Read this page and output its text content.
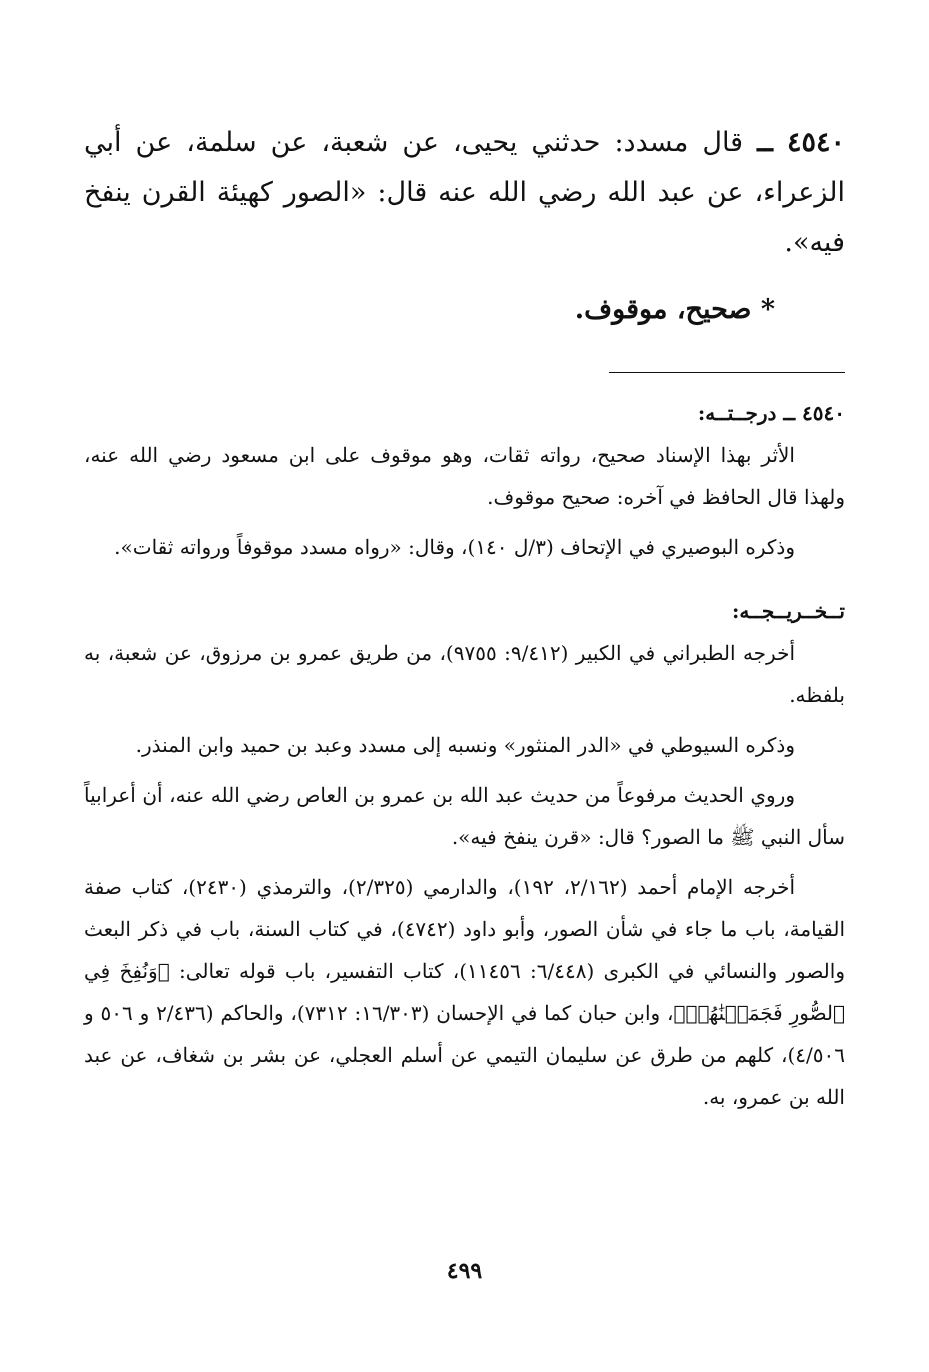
٤٥٤٠ ــ قال مسدد: حدثني يحيى، عن شعبة، عن سلمة، عن أبي الزعراء، عن عبد الله رضي الله عنه قال: «الصور كهيئة القرن ينفخ فيه».
* صحيح، موقوف.

٤٥٤٠ ــ درجــتــه:

الأثر بهذا الإسناد صحيح، رواته ثقات، وهو موقوف على ابن مسعود رضي الله عنه، ولهذا قال الحافظ في آخره: صحيح موقوف.

وذكره البوصيري في الإتحاف (٣/ل ١٤٠)، وقال: «رواه مسدد موقوفاً ورواته ثقات».

تــخــريــجــه:

أخرجه الطبراني في الكبير (٩/٤١٢: ٩٧٥٥)، من طريق عمرو بن مرزوق، عن شعبة، به بلفظه.

وذكره السيوطي في «الدر المنثور» ونسبه إلى مسدد وعبد بن حميد وابن المنذر.

وروي الحديث مرفوعاً من حديث عبد الله بن عمرو بن العاص رضي الله عنه، أن أعرابياً سأل النبي ﷺ ما الصور؟ قال: «قرن ينفخ فيه».

أخرجه الإمام أحمد (٢/١٦٢، ١٩٢)، والدارمي (٢/٣٢٥)، والترمذي (٢٤٣٠)، كتاب صفة القيامة، باب ما جاء في شأن الصور، وأبو داود (٤٧٤٢)، في كتاب السنة، باب في ذكر البعث والصور والنسائي في الكبرى (٦/٤٤٨: ١١٤٥٦)، كتاب التفسير، باب قوله تعالى: ﴿وَنُفِخَ فِي ٱلصُّورِ فَجَمَعۡنَٰهُمۡ﴾، وابن حبان كما في الإحسان (١٦/٣٠٣: ٧٣١٢)، والحاكم (٢/٤٣٦ و ٥٠٦ و ٤/٥٠٦)، كلهم من طرق عن سليمان التيمي عن أسلم العجلي، عن بشر بن شغاف، عن عبد الله بن عمرو، به.

٤٩٩
